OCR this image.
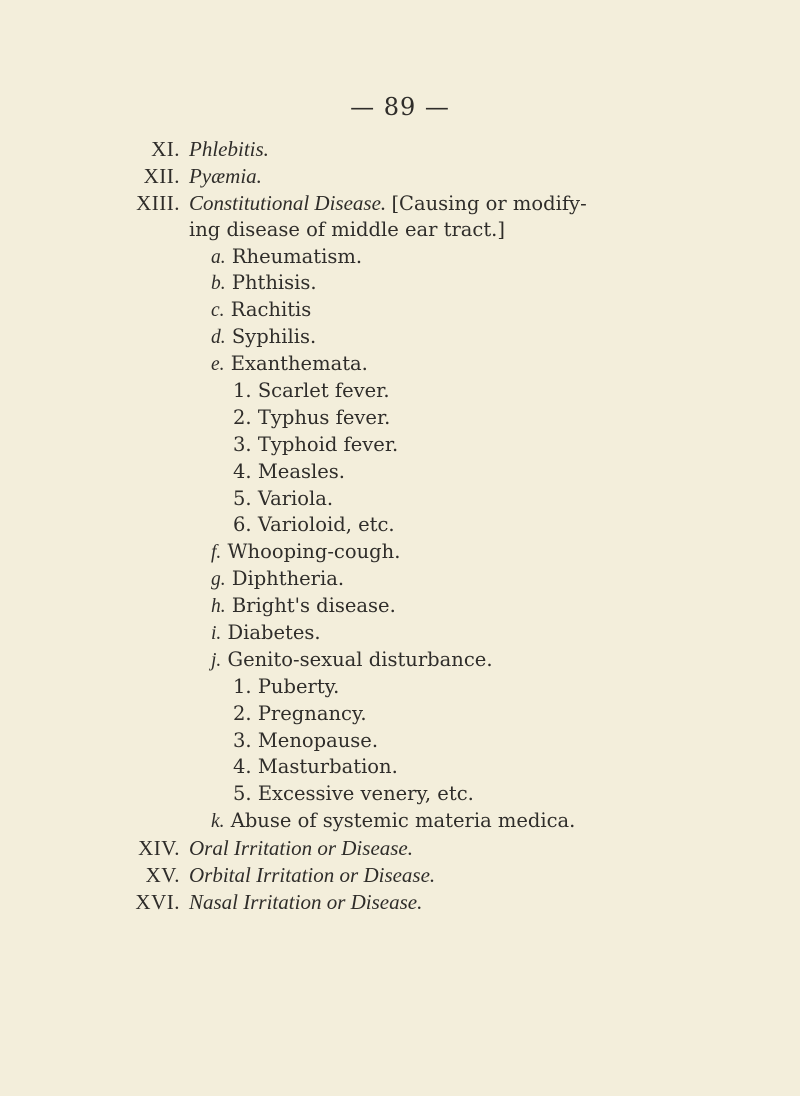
— 89 —
XI. Phlebitis.
XII. Pyæmia.
XIII. Constitutional Disease. [Causing or modify-
ing disease of middle ear tract.]
a. Rheumatism.
b. Phthisis.
c. Rachitis
d. Syphilis.
e. Exanthemata.
1. Scarlet fever.
2. Typhus fever.
3. Typhoid fever.
4. Measles.
5. Variola.
6. Varioloid, etc.
f. Whooping-cough.
g. Diphtheria.
h. Bright's disease.
i. Diabetes.
j. Genito-sexual disturbance.
1. Puberty.
2. Pregnancy.
3. Menopause.
4. Masturbation.
5. Excessive venery, etc.
k. Abuse of systemic materia medica.
XIV. Oral Irritation or Disease.
XV. Orbital Irritation or Disease.
XVI. Nasal Irritation or Disease.
